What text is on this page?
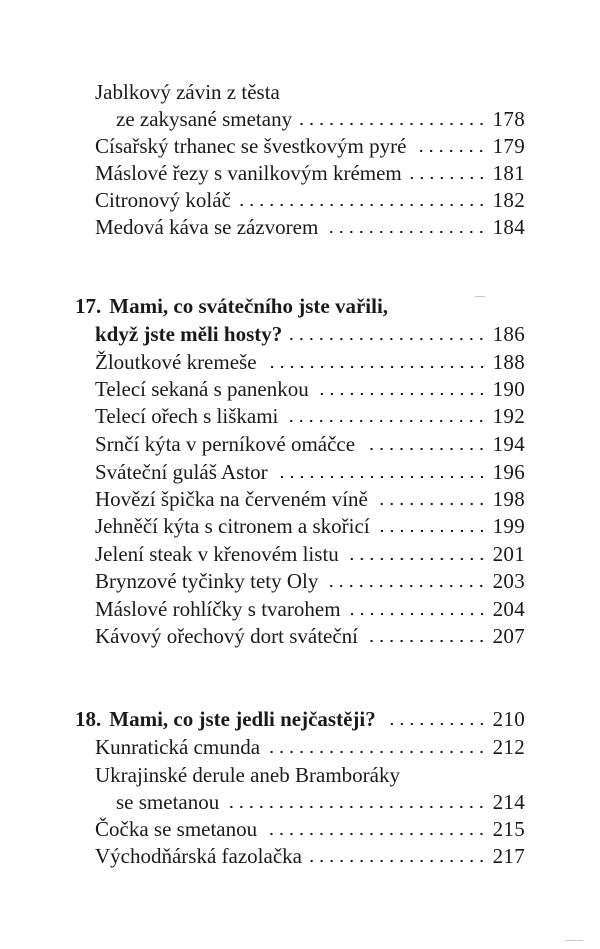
Jablkový závin z těsta
ze zakysané smetany	178
Císařský trhanec se švestkovým pyré	179
Máslové řezy s vanilkovým krémem	181
Citronový koláč	182
Medová káva se zázvorem	184
17. Mami, co svátečního jste vařili,
když jste měli hosty?	186
Žloutkové kremeše	188
Telecí sekaná s panenkou	190
Telecí ořech s liškami	192
Srnčí kýta v perníkové omáčce	194
Sváteční guláš Astor	196
Hovězí špička na červeném víně	198
Jehněčí kýta s citronem a skořicí	199
Jelení steak v křenovém listu	201
Brynzové tyčinky tety Oly	203
Máslové rohlíčky s tvarohem	204
Kávový ořechový dort sváteční	207
18. Mami, co jste jedli nejčastěji?	210
Kunratická cmunda	212
Ukrajinské derule aneb Bramboráky
se smetanou	214
Čočka se smetanou	215
Východňárská fazolačka	217
